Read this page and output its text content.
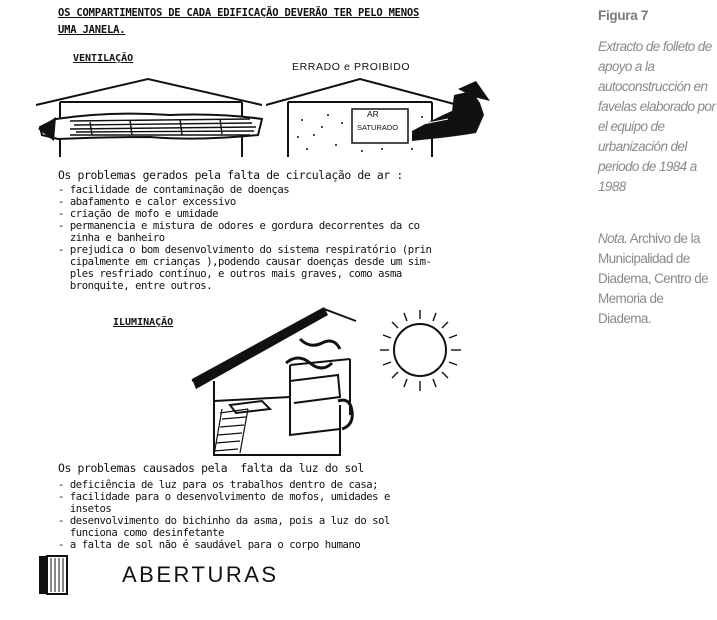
OS COMPARTIMENTOS DE CADA EDIFICAÇÃO DEVERÃO TER PELO MENOS
UMA JANELA.
VENTILAÇÃO
ERRADO e PROIBIDO
AR
SATURADO
Os problemas gerados pela falta de circulação de ar :
- facilidade de contaminação de doenças
- abafamento e calor excessivo
- criação de mofo e umidade
- permanencia e mistura de odores e gordura decorrentes da co
zinha e banheiro
- prejudica o bom desenvolvimento do sistema respiratório (prin
cipalmente em crianças ),podendo causar doenças desde um sim-
ples resfriado contínuo, e outros mais graves, como asma
bronquite, entre outros.
ILUMINAÇÃO
Os problemas causados pela  falta da luz do sol
- deficiência de luz para os trabalhos dentro de casa;
- facilidade para o desenvolvimento de mofos, umidades e
insetos
- desenvolvimento do bichinho da asma, pois a luz do sol
funciona como desinfetante
- a falta de sol não é saudável para o corpo humano
ABERTURAS
Figura 7
Extracto de folleto de apoyo a la autoconstrucción en favelas elaborado por el equipo de urbanización del periodo de 1984 a 1988
Nota. Archivo de la Municipalidad de Diadema, Centro de Memoria de Diadema.
